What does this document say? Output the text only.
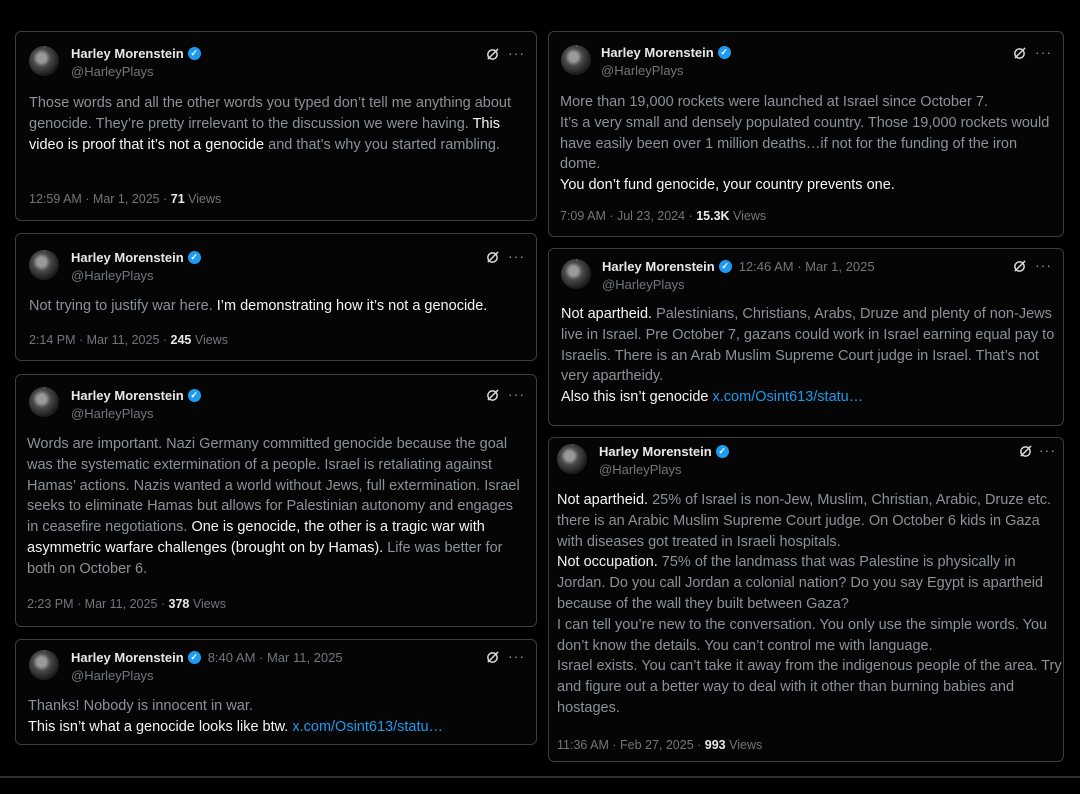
Harley Morenstein ✓
@HarleyPlays
···
Those words and all the other words you typed don’t tell me anything about genocide. They’re pretty irrelevant to the discussion we were having. This video is proof that it’s not a genocide and that’s why you started rambling.
12:59 AM · Mar 1, 2025 · 71 Views
Harley Morenstein ✓
@HarleyPlays
···
Not trying to justify war here. I’m demonstrating how it’s not a genocide.
2:14 PM · Mar 11, 2025 · 245 Views
Harley Morenstein ✓
@HarleyPlays
···
Words are important. Nazi Germany committed genocide because the goal was the systematic extermination of a people. Israel is retaliating against Hamas’ actions. Nazis wanted a world without Jews, full extermination. Israel seeks to eliminate Hamas but allows for Palestinian autonomy and engages in ceasefire negotiations. One is genocide, the other is a tragic war with asymmetric warfare challenges (brought on by Hamas). Life was better for both on October 6.
2:23 PM · Mar 11, 2025 · 378 Views
Harley Morenstein ✓ 8:40 AM · Mar 11, 2025
@HarleyPlays
···
Thanks! Nobody is innocent in war.
This isn’t what a genocide looks like btw. x.com/Osint613/statu…
Harley Morenstein ✓
@HarleyPlays
···
More than 19,000 rockets were launched at Israel since October 7.
It’s a very small and densely populated country. Those 19,000 rockets would have easily been over 1 million deaths…if not for the funding of the iron dome.
You don’t fund genocide, your country prevents one.
7:09 AM · Jul 23, 2024 · 15.3K Views
Harley Morenstein ✓ 12:46 AM · Mar 1, 2025
@HarleyPlays
···
Not apartheid. Palestinians, Christians, Arabs, Druze and plenty of non-Jews live in Israel. Pre October 7, gazans could work in Israel earning equal pay to Israelis. There is an Arab Muslim Supreme Court judge in Israel. That’s not very apartheidy.
Also this isn’t genocide x.com/Osint613/statu…
Harley Morenstein ✓
@HarleyPlays
···
Not apartheid. 25% of Israel is non-Jew, Muslim, Christian, Arabic, Druze etc. there is an Arabic Muslim Supreme Court judge. On October 6 kids in Gaza with diseases got treated in Israeli hospitals.
Not occupation. 75% of the landmass that was Palestine is physically in Jordan. Do you call Jordan a colonial nation? Do you say Egypt is apartheid because of the wall they built between Gaza?
I can tell you’re new to the conversation. You only use the simple words. You don’t know the details. You can’t control me with language.
Israel exists. You can’t take it away from the indigenous people of the area. Try and figure out a better way to deal with it other than burning babies and hostages.
11:36 AM · Feb 27, 2025 · 993 Views
